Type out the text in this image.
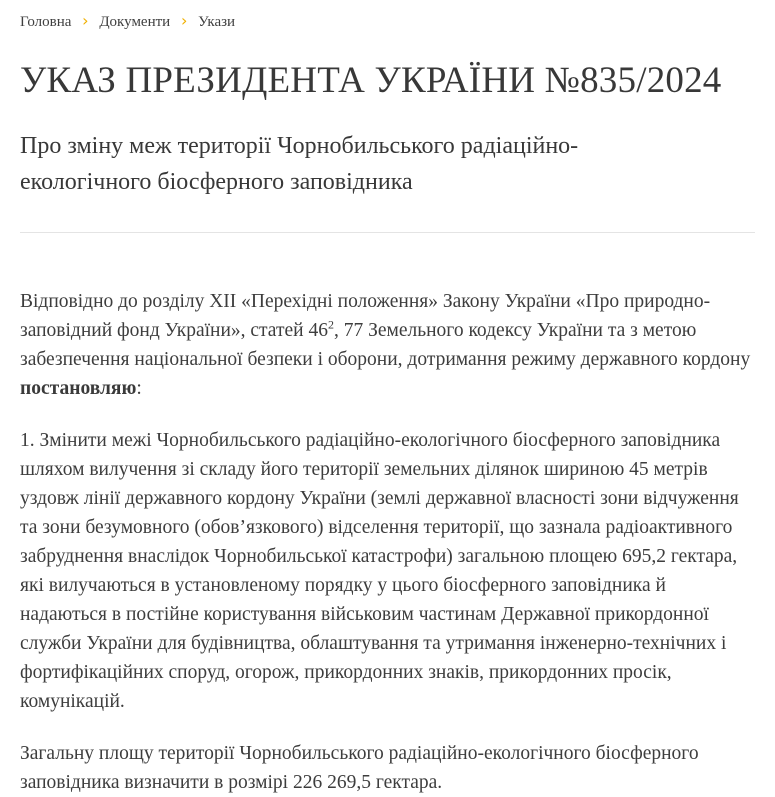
Головна › Документи › Укази
УКАЗ ПРЕЗИДЕНТА УКРАЇНИ №835/2024
Про зміну меж території Чорнобильського радіаційно-екологічного біосферного заповідника

Відповідно до розділу XII «Перехідні положення» Закону України «Про природно-заповідний фонд України», статей $46^2$, 77 Земельного кодексу України та з метою забезпечення національної безпеки і оборони, дотримання режиму державного кордону постановляю:

1. Змінити межі Чорнобильського радіаційно-екологічного біосферного заповідника шляхом вилучення зі складу його території земельних ділянок шириною 45 метрів уздовж лінії державного кордону України (землі державної власності зони відчуження та зони безумовного (обов’язкового) відселення території, що зазнала радіоактивного забруднення внаслідок Чорнобильської катастрофи) загальною площею 695,2 гектара, які вилучаються в установленому порядку у цього біосферного заповідника й надаються в постійне користування військовим частинам Державної прикордонної служби України для будівництва, облаштування та утримання інженерно-технічних і фортифікаційних споруд, огорож, прикордонних знаків, прикордонних просік, комунікацій.

Загальну площу території Чорнобильського радіаційно-екологічного біосферного заповідника визначити в розмірі 226 269,5 гектара.
